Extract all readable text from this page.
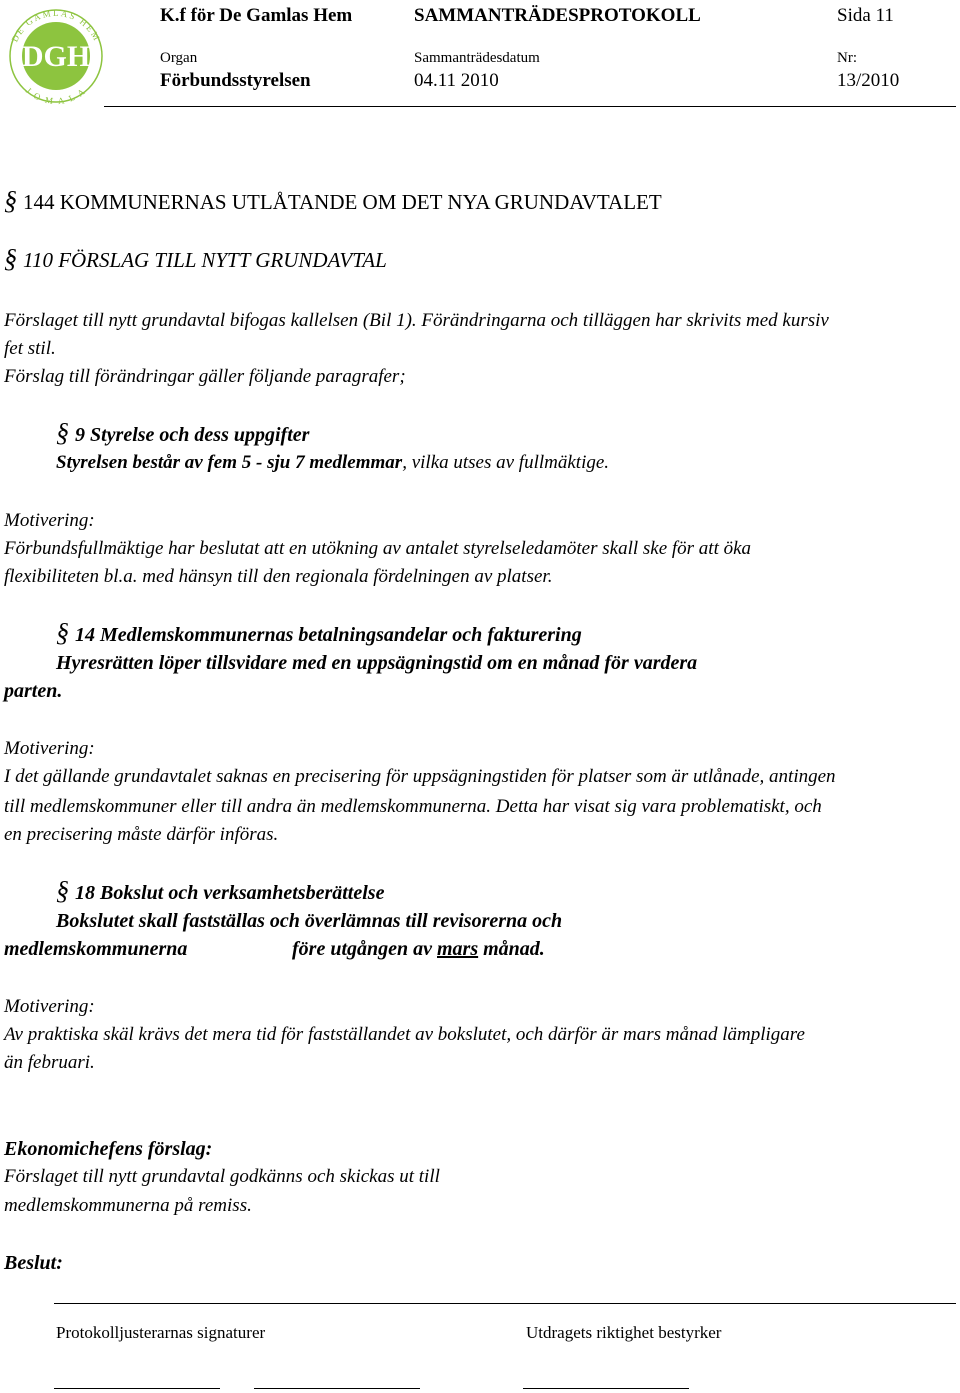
DE GAMLAS HEM
J O M A L A
DGH
K.f för De Gamlas Hem	SAMMANTRÄDESPROTOKOLL	Sida 11
Organ	Sammanträdesdatum	Nr:
Förbundsstyrelsen	04.11 2010	13/2010
§ 144 KOMMUNERNAS UTLÅTANDE OM DET NYA GRUNDAVTALET
§ 110 FÖRSLAG TILL NYTT GRUNDAVTAL
Förslaget till nytt grundavtal bifogas kallelsen (Bil 1). Förändringarna och tilläggen har skrivits med kursiv
fet stil.
Förslag till förändringar gäller följande paragrafer;
§ 9 Styrelse och dess uppgifter
Styrelsen består av fem 5 - sju 7 medlemmar, vilka utses av fullmäktige.
Motivering:
Förbundsfullmäktige har beslutat att en utökning av antalet styrelseledamöter skall ske för att öka
flexibiliteten bl.a. med hänsyn till den regionala fördelningen av platser.
§ 14 Medlemskommunernas betalningsandelar och fakturering
Hyresrätten löper tillsvidare med en uppsägningstid om en månad för vardera
parten.
Motivering:
I det gällande grundavtalet saknas en precisering för uppsägningstiden för platser som är utlånade, antingen
till medlemskommuner eller till andra än medlemskommunerna. Detta har visat sig vara problematiskt, och
en precisering måste därför införas.
§ 18 Bokslut och verksamhetsberättelse
Bokslutet skall fastställas och överlämnas till revisorerna och
medlemskommunerna	före utgången av mars månad.
Motivering:
Av praktiska skäl krävs det mera tid för fastställandet av bokslutet, och därför är mars månad lämpligare
än februari.
Ekonomichefens förslag:
Förslaget till nytt grundavtal godkänns och skickas ut till
medlemskommunerna på remiss.
Beslut:
Protokolljusterarnas signaturer	Utdragets riktighet bestyrker
